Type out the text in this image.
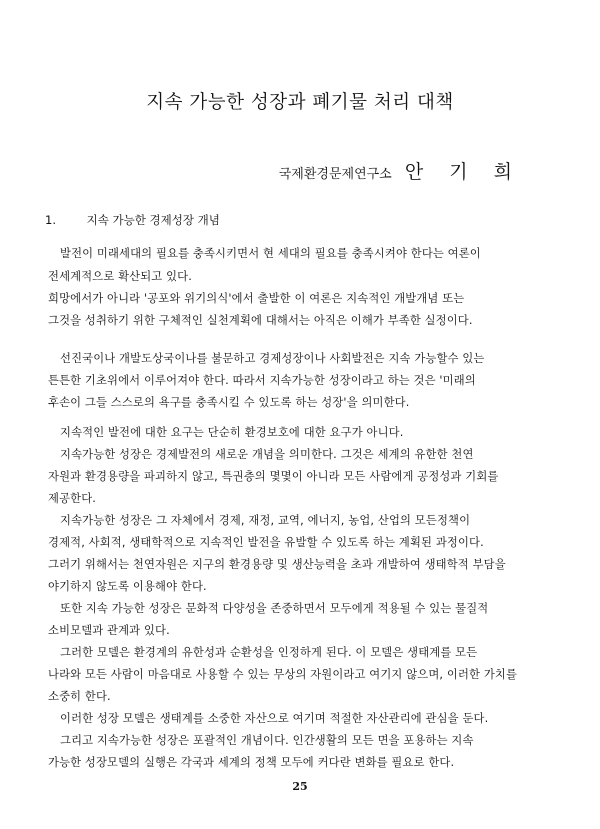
지속 가능한 성장과 폐기물 처리 대책
국제환경문제연구소 안 기 희
1.	지속 가능한 경제성장 개념
발전이 미래세대의 필요를 충족시키면서 현 세대의 필요를 충족시켜야 한다는 여론이
전세계적으로 확산되고 있다.
희망에서가 아니라 '공포와 위기의식'에서 출발한 이 여론은 지속적인 개발개념 또는
그것을 성취하기 위한 구체적인 실천계획에 대해서는 아직은 이해가 부족한 실정이다.
선진국이나 개발도상국이나를 불문하고 경제성장이나 사회발전은 지속 가능할수 있는
튼튼한 기초위에서 이루어져야 한다. 따라서 지속가능한 성장이라고 하는 것은 '미래의
후손이 그들 스스로의 욕구를 충족시킬 수 있도록 하는 성장'을 의미한다.
지속적인 발전에 대한 요구는 단순히 환경보호에 대한 요구가 아니다.
지속가능한 성장은 경제발전의 새로운 개념을 의미한다. 그것은 세계의 유한한 천연
자원과 환경용량을 파괴하지 않고, 특권층의 몇몇이 아니라 모든 사람에게 공정성과 기회를
제공한다.
지속가능한 성장은 그 자체에서 경제, 재정, 교역, 에너지, 농업, 산업의 모든정책이
경제적, 사회적, 생태학적으로 지속적인 발전을 유발할 수 있도록 하는 계획된 과정이다.
그러기 위해서는 천연자원은 지구의 환경용량 및 생산능력을 초과 개발하여 생태학적 부담을
야기하지 않도록 이용해야 한다.
또한 지속 가능한 성장은 문화적 다양성을 존중하면서 모두에게 적용될 수 있는 물질적
소비모델과 관계과 있다.
그러한 모델은 환경계의 유한성과 순환성을 인정하게 된다. 이 모델은 생태계를 모든
나라와 모든 사람이 마음대로 사용할 수 있는 무상의 자원이라고 여기지 않으며, 이러한 가치를
소중히 한다.
이러한 성장 모델은 생태계를 소중한 자산으로 여기며 적절한 자산관리에 관심을 둔다.
그리고 지속가능한 성장은 포괄적인 개념이다. 인간생활의 모든 면을 포용하는 지속
가능한 성장모델의 실행은 각국과 세계의 정책 모두에 커다란 변화를 필요로 한다.
25
